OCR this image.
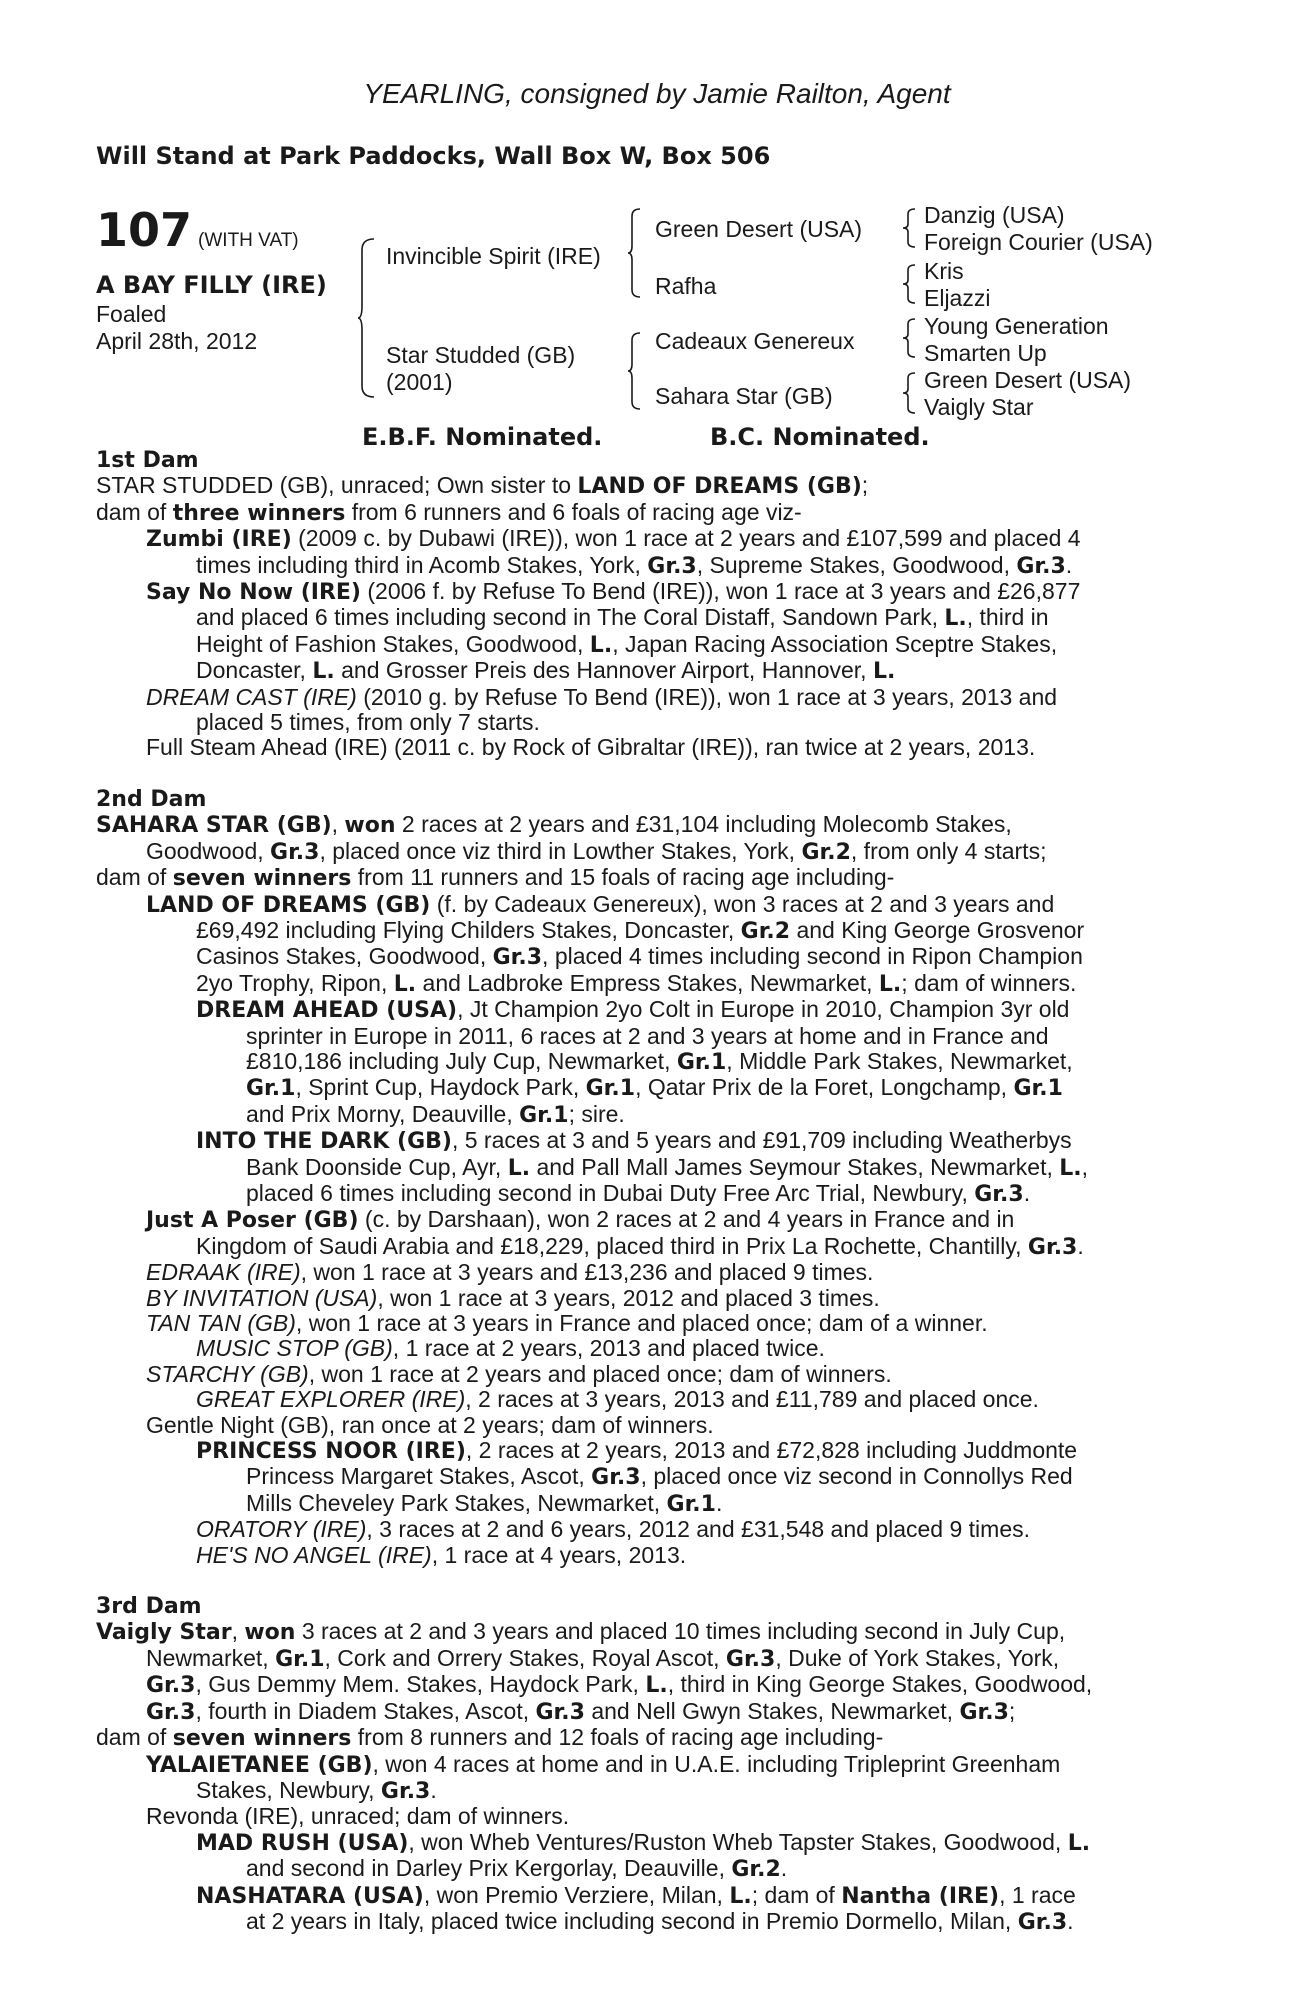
YEARLING, consigned by Jamie Railton, Agent
Will Stand at Park Paddocks, Wall Box W, Box 506
107 (WITH VAT)
A BAY FILLY (IRE)
Foaled
April 28th, 2012
Invincible Spirit (IRE)
Star Studded (GB)
(2001)
Green Desert (USA)
Rafha
Cadeaux Genereux
Sahara Star (GB)
Danzig (USA)
Foreign Courier (USA)
Kris
Eljazzi
Young Generation
Smarten Up
Green Desert (USA)
Vaigly Star
E.B.F. Nominated.	B.C. Nominated.
1st Dam
STAR STUDDED (GB), unraced; Own sister to LAND OF DREAMS (GB);
dam of three winners from 6 runners and 6 foals of racing age viz-
Zumbi (IRE) (2009 c. by Dubawi (IRE)), won 1 race at 2 years and £107,599 and placed 4
times including third in Acomb Stakes, York, Gr.3, Supreme Stakes, Goodwood, Gr.3.
Say No Now (IRE) (2006 f. by Refuse To Bend (IRE)), won 1 race at 3 years and £26,877
and placed 6 times including second in The Coral Distaff, Sandown Park, L., third in
Height of Fashion Stakes, Goodwood, L., Japan Racing Association Sceptre Stakes,
Doncaster, L. and Grosser Preis des Hannover Airport, Hannover, L.
DREAM CAST (IRE) (2010 g. by Refuse To Bend (IRE)), won 1 race at 3 years, 2013 and
placed 5 times, from only 7 starts.
Full Steam Ahead (IRE) (2011 c. by Rock of Gibraltar (IRE)), ran twice at 2 years, 2013.
2nd Dam
SAHARA STAR (GB), won 2 races at 2 years and £31,104 including Molecomb Stakes,
Goodwood, Gr.3, placed once viz third in Lowther Stakes, York, Gr.2, from only 4 starts;
dam of seven winners from 11 runners and 15 foals of racing age including-
LAND OF DREAMS (GB) (f. by Cadeaux Genereux), won 3 races at 2 and 3 years and
£69,492 including Flying Childers Stakes, Doncaster, Gr.2 and King George Grosvenor
Casinos Stakes, Goodwood, Gr.3, placed 4 times including second in Ripon Champion
2yo Trophy, Ripon, L. and Ladbroke Empress Stakes, Newmarket, L.; dam of winners.
DREAM AHEAD (USA), Jt Champion 2yo Colt in Europe in 2010, Champion 3yr old
sprinter in Europe in 2011, 6 races at 2 and 3 years at home and in France and
£810,186 including July Cup, Newmarket, Gr.1, Middle Park Stakes, Newmarket,
Gr.1, Sprint Cup, Haydock Park, Gr.1, Qatar Prix de la Foret, Longchamp, Gr.1
and Prix Morny, Deauville, Gr.1; sire.
INTO THE DARK (GB), 5 races at 3 and 5 years and £91,709 including Weatherbys
Bank Doonside Cup, Ayr, L. and Pall Mall James Seymour Stakes, Newmarket, L.,
placed 6 times including second in Dubai Duty Free Arc Trial, Newbury, Gr.3.
Just A Poser (GB) (c. by Darshaan), won 2 races at 2 and 4 years in France and in
Kingdom of Saudi Arabia and £18,229, placed third in Prix La Rochette, Chantilly, Gr.3.
EDRAAK (IRE), won 1 race at 3 years and £13,236 and placed 9 times.
BY INVITATION (USA), won 1 race at 3 years, 2012 and placed 3 times.
TAN TAN (GB), won 1 race at 3 years in France and placed once; dam of a winner.
MUSIC STOP (GB), 1 race at 2 years, 2013 and placed twice.
STARCHY (GB), won 1 race at 2 years and placed once; dam of winners.
GREAT EXPLORER (IRE), 2 races at 3 years, 2013 and £11,789 and placed once.
Gentle Night (GB), ran once at 2 years; dam of winners.
PRINCESS NOOR (IRE), 2 races at 2 years, 2013 and £72,828 including Juddmonte
Princess Margaret Stakes, Ascot, Gr.3, placed once viz second in Connollys Red
Mills Cheveley Park Stakes, Newmarket, Gr.1.
ORATORY (IRE), 3 races at 2 and 6 years, 2012 and £31,548 and placed 9 times.
HE'S NO ANGEL (IRE), 1 race at 4 years, 2013.
3rd Dam
Vaigly Star, won 3 races at 2 and 3 years and placed 10 times including second in July Cup,
Newmarket, Gr.1, Cork and Orrery Stakes, Royal Ascot, Gr.3, Duke of York Stakes, York,
Gr.3, Gus Demmy Mem. Stakes, Haydock Park, L., third in King George Stakes, Goodwood,
Gr.3, fourth in Diadem Stakes, Ascot, Gr.3 and Nell Gwyn Stakes, Newmarket, Gr.3;
dam of seven winners from 8 runners and 12 foals of racing age including-
YALAIETANEE (GB), won 4 races at home and in U.A.E. including Tripleprint Greenham
Stakes, Newbury, Gr.3.
Revonda (IRE), unraced; dam of winners.
MAD RUSH (USA), won Wheb Ventures/Ruston Wheb Tapster Stakes, Goodwood, L.
and second in Darley Prix Kergorlay, Deauville, Gr.2.
NASHATARA (USA), won Premio Verziere, Milan, L.; dam of Nantha (IRE), 1 race
at 2 years in Italy, placed twice including second in Premio Dormello, Milan, Gr.3.
